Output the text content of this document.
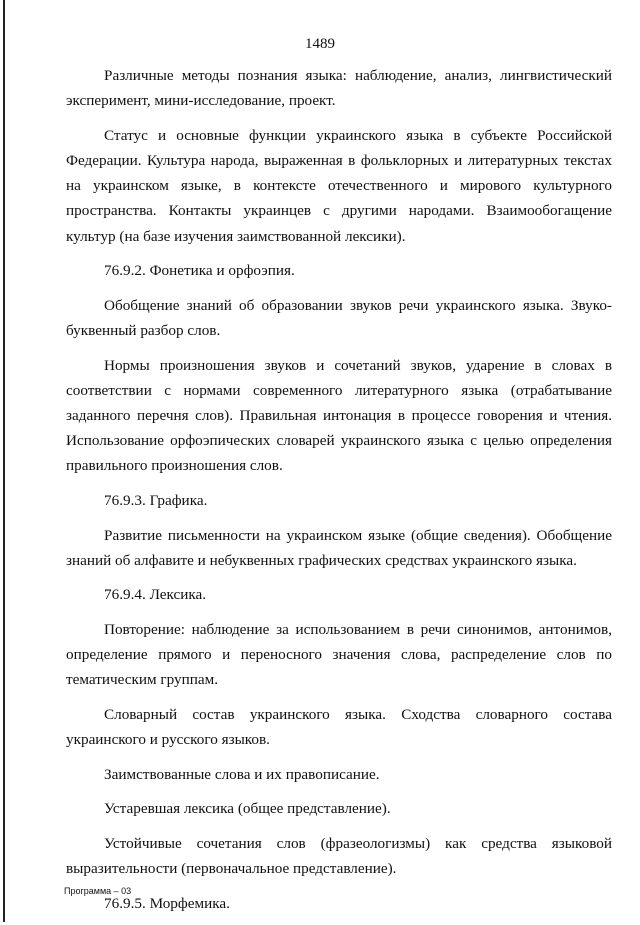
1489

Различные методы познания языка: наблюдение, анализ, лингвистический эксперимент, мини-исследование, проект.

Статус и основные функции украинского языка в субъекте Российской Федерации. Культура народа, выраженная в фольклорных и литературных текстах на украинском языке, в контексте отечественного и мирового культурного пространства. Контакты украинцев с другими народами. Взаимообогащение культур (на базе изучения заимствованной лексики).

76.9.2. Фонетика и орфоэпия.

Обобщение знаний об образовании звуков речи украинского языка. Звуко-буквенный разбор слов.

Нормы произношения звуков и сочетаний звуков, ударение в словах в соответствии с нормами современного литературного языка (отрабатывание заданного перечня слов). Правильная интонация в процессе говорения и чтения. Использование орфоэпических словарей украинского языка с целью определения правильного произношения слов.

76.9.3. Графика.

Развитие письменности на украинском языке (общие сведения). Обобщение знаний об алфавите и небуквенных графических средствах украинского языка.

76.9.4. Лексика.

Повторение: наблюдение за использованием в речи синонимов, антонимов, определение прямого и переносного значения слова, распределение слов по тематическим группам.

Словарный состав украинского языка. Сходства словарного состава украинского и русского языков.

Заимствованные слова и их правописание.

Устаревшая лексика (общее представление).

Устойчивые сочетания слов (фразеологизмы) как средства языковой выразительности (первоначальное представление).

76.9.5. Морфемика.

Программа – 03
